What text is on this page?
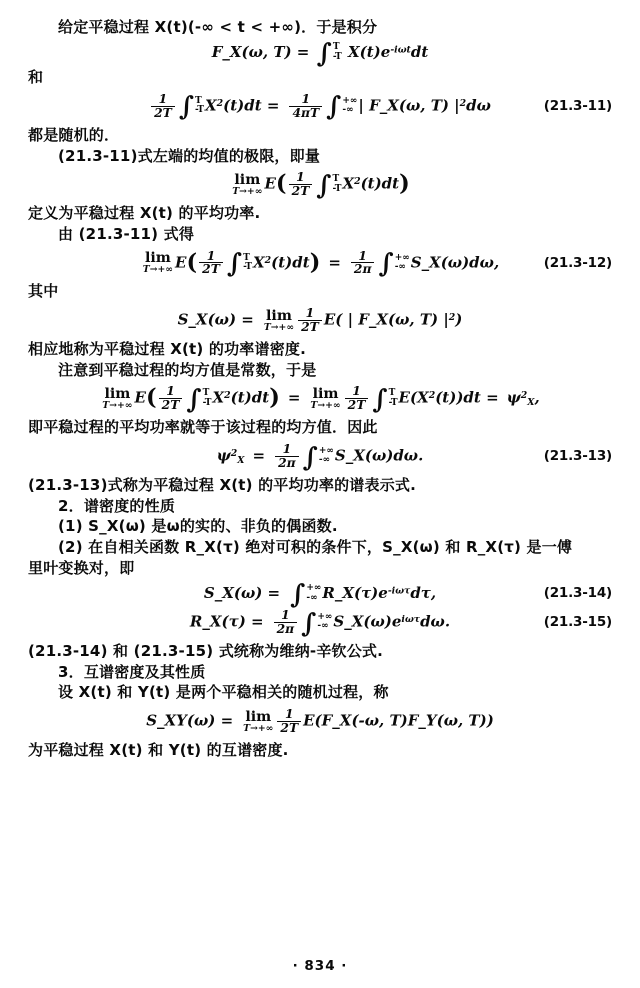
给定平稳过程 X(t)(-∞ < t < +∞)．于是积分
F_X(ω, T) = ∫ T
-T $X(t)e^{-i\omega t}dt$
和
$\frac{1}{2T}$ ∫ T
-T $X^2(t)dt = \frac{1}{4\pi T}$ ∫ +∞
-∞ | F_X(ω, T) $|^2d\omega$	(21.3-11)
都是随机的．
(21.3-11)式左端的均值的极限，即量
lim
T→+∞ $E( \frac{1}{2T}$ ∫ T
-T $X^2(t)dt$)
定义为平稳过程 X(t) 的平均功率.
由 (21.3-11) 式得
lim
T→+∞ $E( \frac{1}{2T}$ ∫ T
-T $X^2(t)dt) = \frac{1}{2\pi}$ ∫ +∞
-∞ S_X(ω)dω,	(21.3-12)
其中
S_X(ω) = lim
$T\to+\infty \frac{1}{2T} E$( | F_X(ω, T) $|^2$)
相应地称为平稳过程 X(t) 的功率谱密度.
注意到平稳过程的均方值是常数，于是
lim
T→+∞ $E( \frac{1}{2T}$ ∫ T
-T $X^2(t)dt) = \lim$
$T\to+\infty \frac{1}{2T}$ ∫ T
-T $E(X^2(t))dt = \psi^2_X$,
即平稳过程的平均功率就等于该过程的均方值．因此
$\psi^2_X = \frac{1}{2\pi}$ ∫ +∞
-∞ S_X(ω)dω.	(21.3-13)
(21.3-13)式称为平稳过程 X(t) 的平均功率的谱表示式.
2．谱密度的性质
(1) S_X(ω) 是ω的实的、非负的偶函数.
(2) 在自相关函数 R_X(τ) 绝对可积的条件下，S_X(ω) 和 R_X(τ) 是一傅
里叶变换对，即
S_X(ω) = ∫ +∞
-∞ $R\_X(\tau)e^{-i\omega\tau}d\tau$,	(21.3-14)
R_X(τ) = $\frac{1}{2\pi}$ ∫ +∞
-∞ $S\_X(\omega)e^{i\omega\tau}d\omega$.	(21.3-15)
(21.3-14) 和 (21.3-15) 式统称为维纳-辛钦公式.
3．互谱密度及其性质
设 X(t) 和 Y(t) 是两个平稳相关的随机过程，称
S_XY(ω) = lim
$T\to+\infty \frac{1}{2T}$ E(F_X(-ω, T)F_Y(ω, T))
为平稳过程 X(t) 和 Y(t) 的互谱密度.
· 834 ·
